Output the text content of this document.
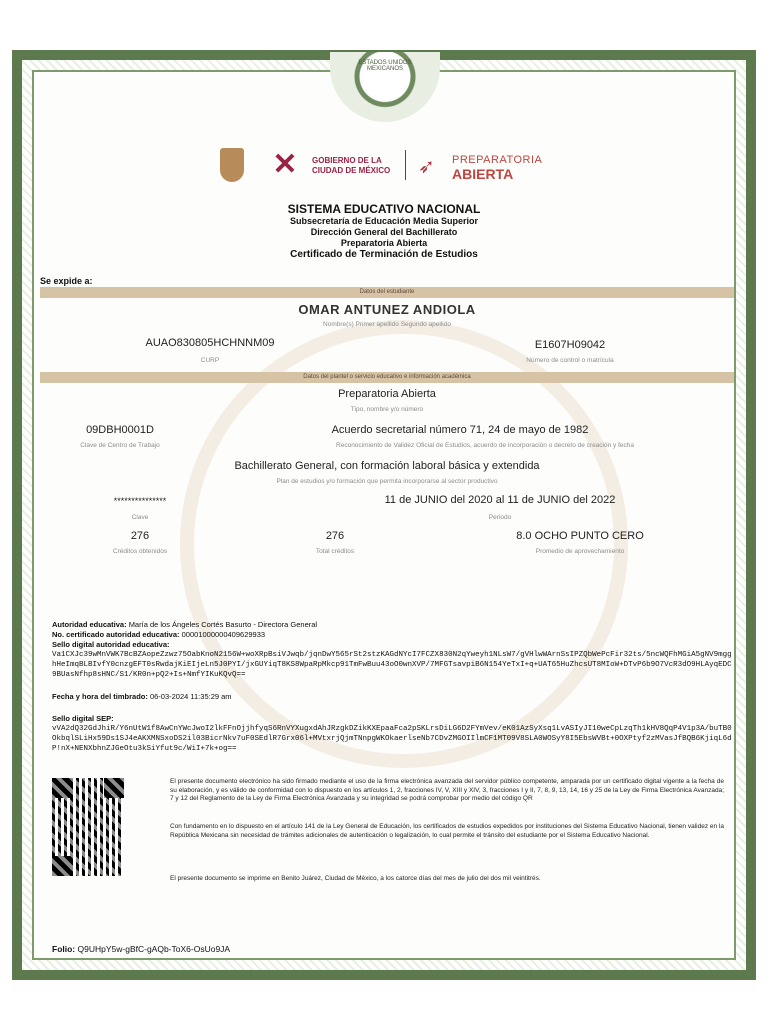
ESTADOS UNIDOS MEXICANOS
✕	GOBIERNO DE LA
CIUDAD DE MÉXICO ➶	PREPARATORIA
ABIERTA
SISTEMA EDUCATIVO NACIONAL
Subsecretaría de Educación Media Superior
Dirección General del Bachillerato
Preparatoria Abierta
Certificado de Terminación de Estudios
Se expide a:
Datos del estudiante
OMAR ANTUNEZ ANDIOLA
Nombre(s) Primer apellido Segundo apellido
AUAO830805HCHNNM09
CURP
E1607H09042
Número de control o matrícula
Datos del plantel o servicio educativo e información académica
Preparatoria Abierta
Tipo, nombre y/o número
09DBH0001D
Clave de Centro de Trabajo
Acuerdo secretarial número 71, 24 de mayo de 1982
Reconocimiento de Validez Oficial de Estudios, acuerdo de incorporación o decreto de creación y fecha
Bachillerato General, con formación laboral básica y extendida
Plan de estudios y/o formación que permita incorporarse al sector productivo
***************
Clave
11 de JUNIO del 2020 al 11 de JUNIO del 2022
Periodo
276
Créditos obtenidos
276
Total créditos
8.0 OCHO PUNTO CERO
Promedio de aprovechamiento
Autoridad educativa: María de los Ángeles Cortés Basurto - Directora General
No. certificado autoridad educativa: 00001000000409629933
Sello digital autoridad educativa:
Va1CXJc39wMnVWK7BcBZAopeZzwz75OabKnoN2156W+woXRpBsiVJwqb/jqnDwY565rSt2stzKAGdNYcI7FCZX830N2qYweyh1NLsW7/gVHlwWArnSsIPZQbWePcFir32ts/5ncWQFhMGiA5gNV9mgghHeImqBLBIvfY0cnzgEFT0sRwdajKiEIjeLn5J0PYI/jxGUYiqT8KS8WpaRpMkcp91TmFwBuu43oO0wnXVP/7MFGTsavpiB6N154YeTxI+q+UAT65HuZhcsUT8MIoW+DTvP6b9O7VcR3dO9HLAyqEDC9BUasNfhp8sHNC/S1/KR0n+pQ2+Is+NmfYIKuKQvQ==
Fecha y hora del timbrado: 06-03-2024 11:35:29 am
Sello digital SEP:
vVA2dQ32GdJhiR/Y6nUtW1f8AwCnYWcJwoI2lkFFnOjjhfyqS6RnVYXugxdAhJRzgkDZikKXEpaaFca2pSKLrsDiLG6D2FYmVev/eK01AzSyXsq1LvASIyJI10weCpLzqTh1kHV8QqP4V1p3A/buTB0OkbqlSLiHx59Ds1SJ4eAKXMNSxoDS2il03BicrNkv7uF0SEdlR7Grx06l+MVtxrjQjmTNnpgWKOkaerlseNb7CDvZMGOIIlmCF1MT09V8SLA0WOSyY8I5EbsWVBt+0OXPtyf2zMVasJfBQB6KjiqL6dP!nX+NENXbhnZJGeOtu3kSiYfut9c/WiI+7k+og==
El presente documento electrónico ha sido firmado mediante el uso de la firma electrónica avanzada del servidor público competente, amparada por un certificado digital vigente a la fecha de su elaboración, y es válido de conformidad con lo dispuesto en los artículos 1, 2, fracciones IV, V, XIII y XIV, 3, fracciones I y II, 7, 8, 9, 13, 14, 16 y 25 de la Ley de Firma Electrónica Avanzada; 7 y 12 del Reglamento de la Ley de Firma Electrónica Avanzada y su integridad se podrá comprobar por medio del código QR
Con fundamento en lo dispuesto en el artículo 141 de la Ley General de Educación, los certificados de estudios expedidos por instituciones del Sistema Educativo Nacional, tienen validez en la República Mexicana sin necesidad de trámites adicionales de autenticación o legalización, lo cual permite el tránsito del estudiante por el Sistema Educativo Nacional.
El presente documento se imprime en Benito Juárez, Ciudad de México, a los catorce días del mes de julio del dos mil veintitrés.
Folio: Q9UHpY5w-gBfC-gAQb-ToX6-OsUo9JA
